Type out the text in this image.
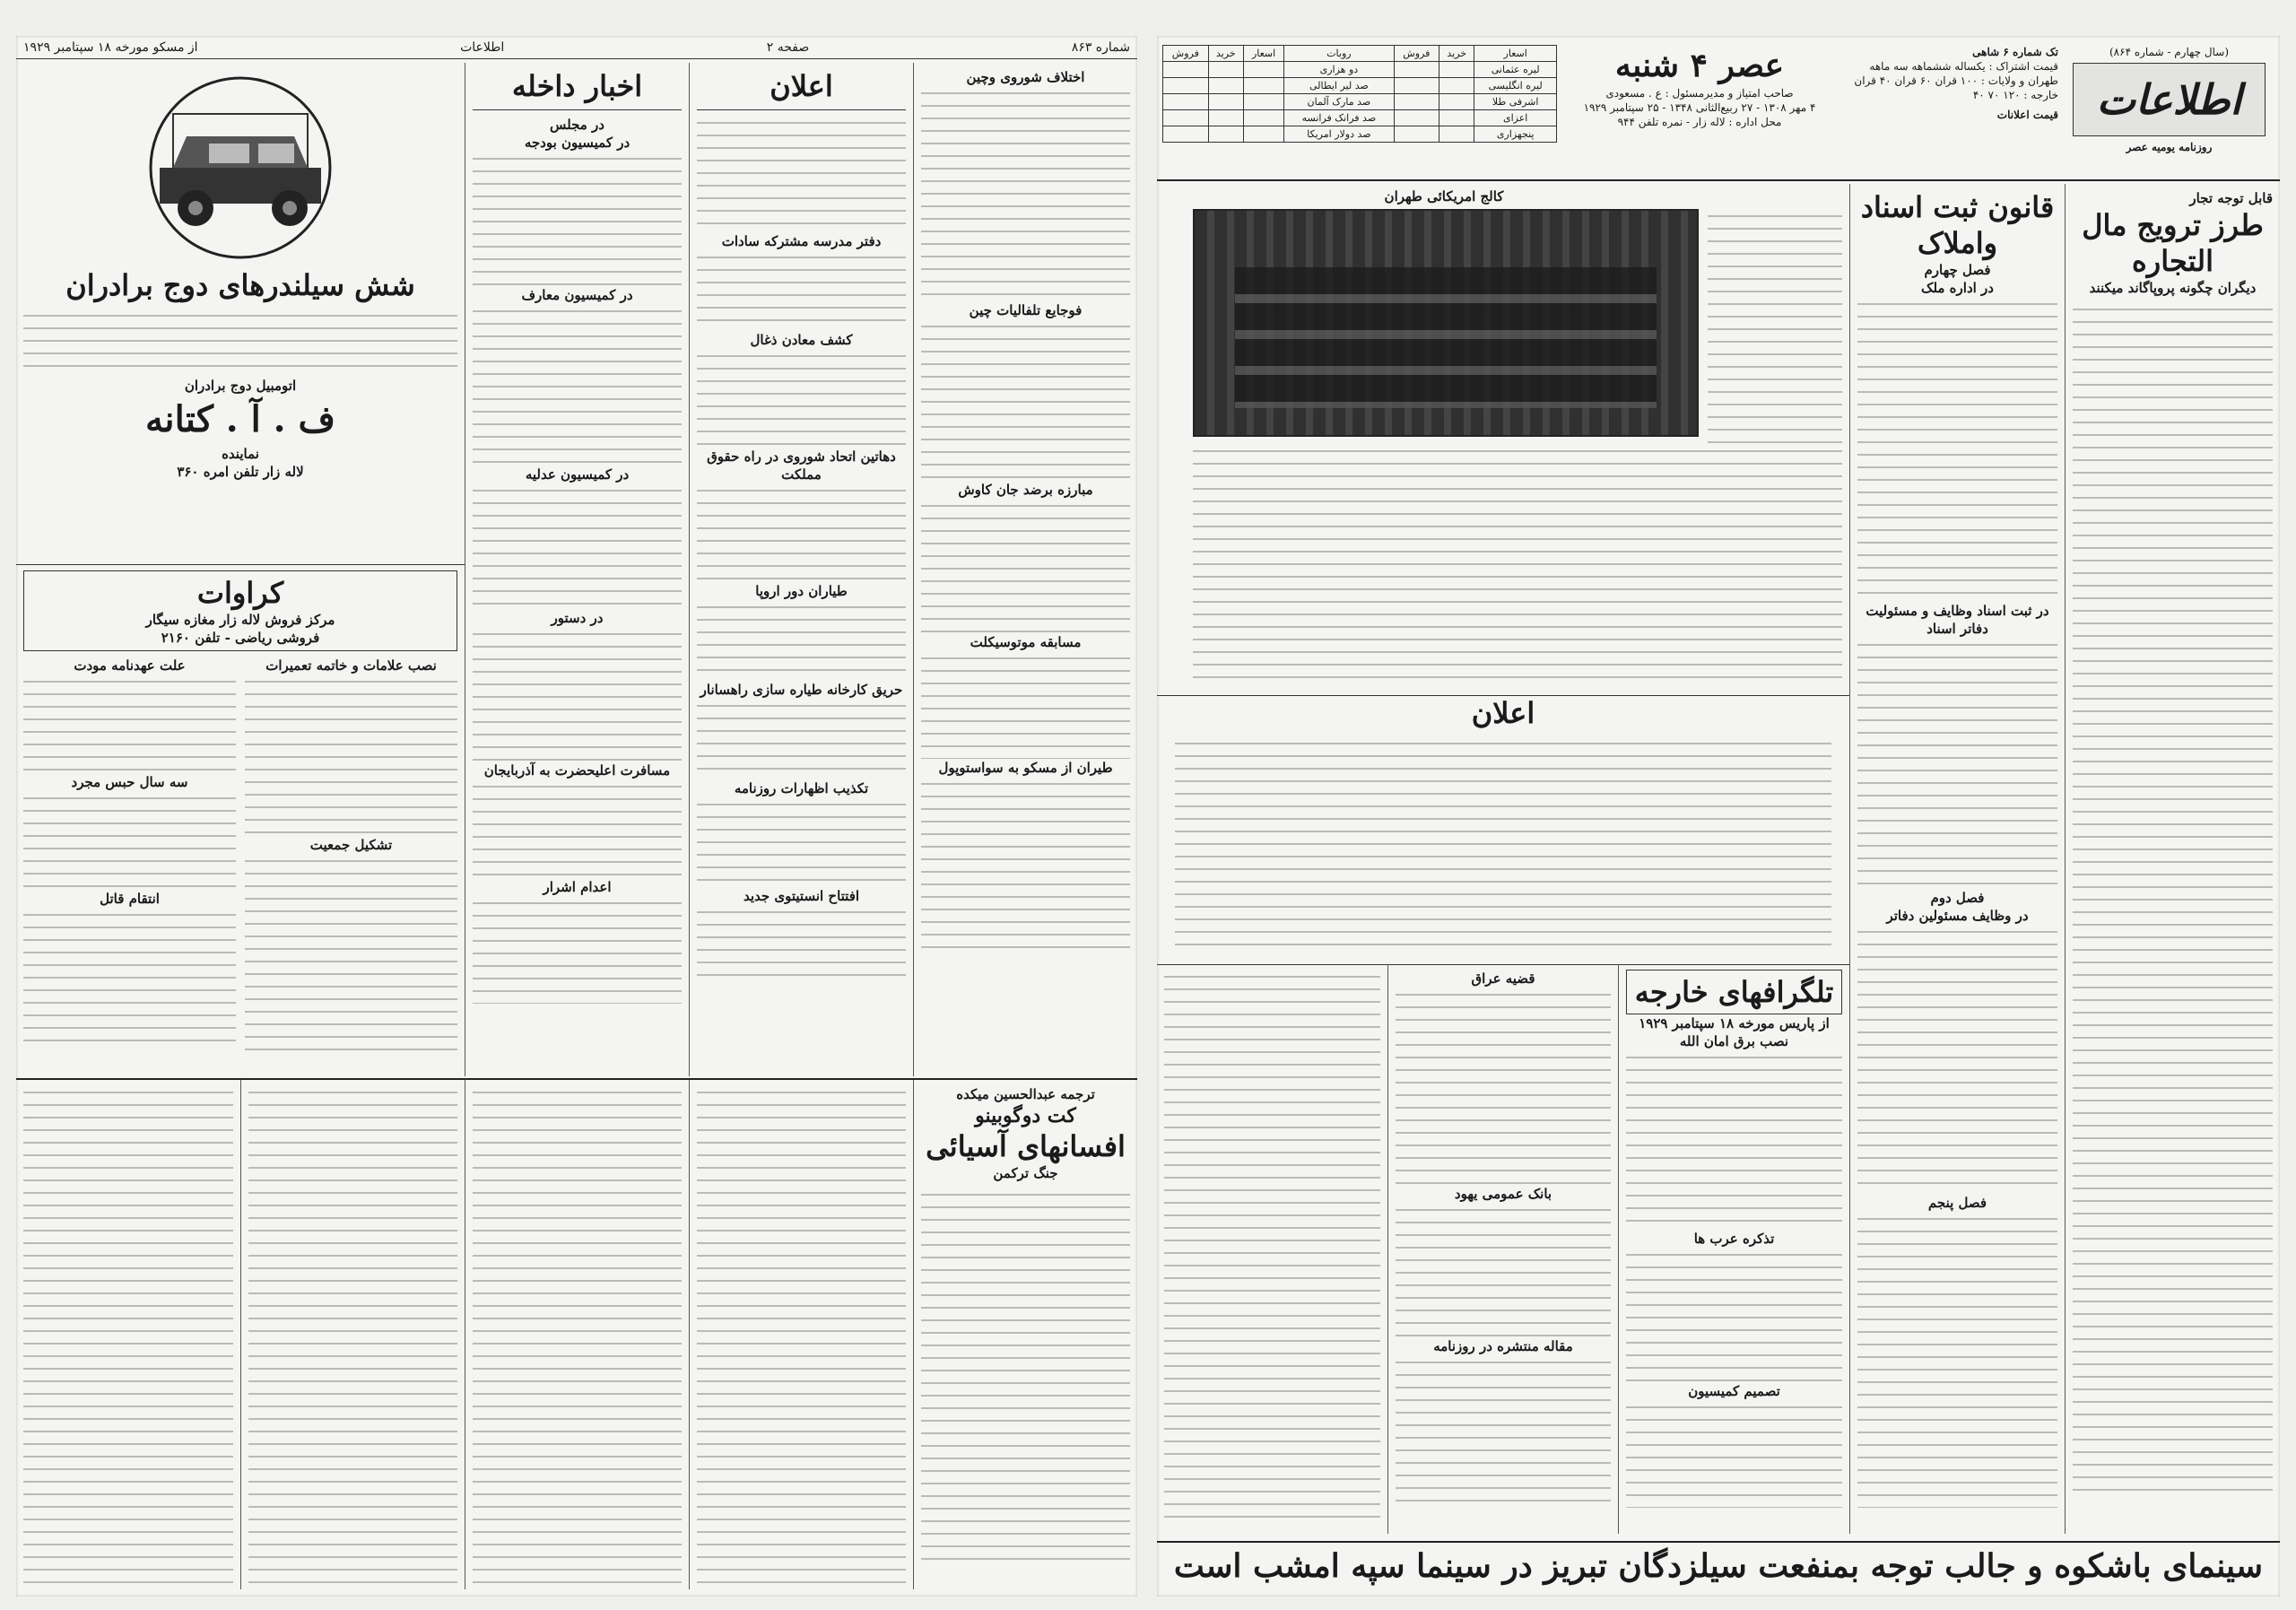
شماره ۸۶۳
صفحه ۲
اطلاعات
از مسکو مورخه ۱۸ سپتامبر ۱۹۲۹
شش سیلندرهای دوج برادران
اتومبیل دوج برادران
ف . آ . کتانه
نماینده
لاله زار تلفن امره ۳۶۰
اخبار داخله
در مجلس
در کمیسیون بودجه
در کمیسیون معارف
در کمیسیون عدلیه
در دستور
مسافرت اعلیحضرت به آذربایجان
اعدام اشرار
اعلان
دفتر مدرسه مشترکه سادات
کشف معادن ذغال
دهاتین اتحاد شوروی در راه حقوق مملکت
طیاران دور اروپا
حریق کارخانه طیاره سازی راهسانار
تکذیب اظهارات روزنامه
افتتاح انستیتوی جدید
اختلاف شوروی وچین
فوجایع تلفالیات چین
مبارزه برضد جان کاوش
مسابقه موتوسیکلت
طیران از مسکو به سواستوپول
کراوات
مرکز فروش لاله زار مغازه سیگار
فروشی ریاضی - تلفن ۲۱۶۰
نصب علامات و خاتمه تعمیرات
تشکیل جمعیت
علت عهدنامه مودت
سه سال حبس مجرد
انتقام قاتل
ترجمه عبدالحسین میکده
کت دوگوبینو
افسانهای آسیائی
جنگ ترکمن
اسعار	خرید	فروش	روبات	اسعار	خرید	فروش
لیره عثمانی			دو هزاری			
لیره انگلیسی			صد لیر ایطالی			
اشرفی طلا			صد مارک آلمان			
اعزای			صد فرانک فرانسه			
پنجهزاری			صد دولار امریکا			
عصر ۴ شنبه
صاحب امتیاز و مدیرمسئول : ع . مسعودی
۴ مهر ۱۳۰۸ - ۲۷ ربیع‌الثانی ۱۳۴۸ - ۲۵ سپتامبر ۱۹۲۹
محل اداره : لاله زار - نمره تلفن ۹۴۴
تک شماره ۶ شاهی
قیمت اشتراک : یکساله ششماهه سه ماهه
طهران و ولایات : ۱۰۰ قران ۶۰ قران ۴۰ قران
خارجه : ۱۲۰ ۷۰ ۴۰
قیمت اعلانات
(سال چهارم - شماره ۸۶۴)
اطلاعات
روزنامه یومیه عصر
قابل توجه تجار
طرز ترویج مال التجاره
دیگران چگونه پروپاگاند میکنند
قانون ثبت اسناد واملاک
فصل چهارم
در اداره ملک
در ثبت اسناد وظایف و مسئولیت دفاتر اسناد
فصل دوم
در وظایف مسئولین دفاتر
فصل پنجم
کالج امریکائی طهران
اعلان
قضیه عراق
بانک عمومی یهود
مقاله منتشره در روزنامه
تلگرافهای خارجه
از پاریس مورخه ۱۸ سپتامبر ۱۹۲۹
نصب برق امان الله
تذکره عرب ها
تصمیم کمیسیون
سینمای باشکوه و جالب توجه بمنفعت سیلزدگان تبریز در سینما سپه امشب است
